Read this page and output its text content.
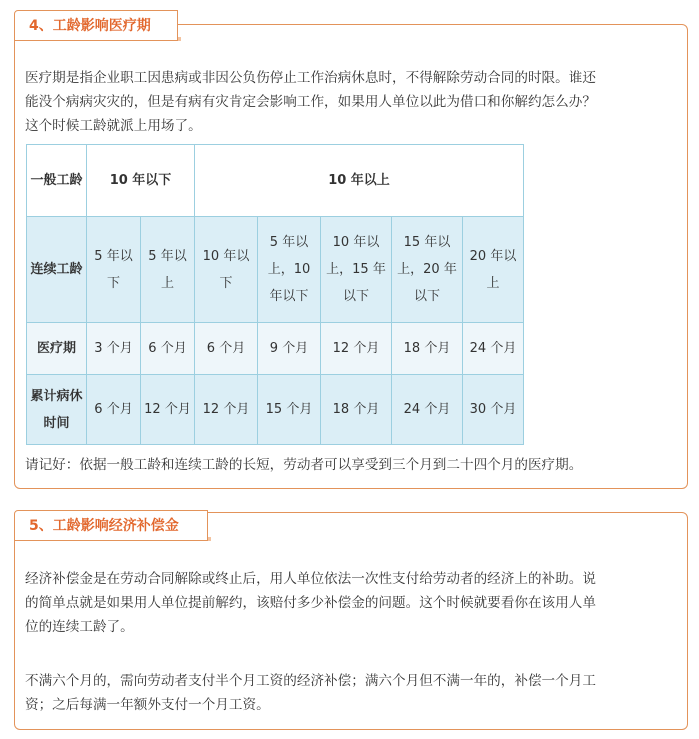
4、工龄影响医疗期
医疗期是指企业职工因患病或非因公负伤停止工作治病休息时，不得解除劳动合同的时限。谁还
能没个病病灾灾的，但是有病有灾肯定会影响工作，如果用人单位以此为借口和你解约怎么办？
这个时候工龄就派上用场了。
一般工龄	10 年以下		10 年以上				
连续工龄	5 年以下	5 年以上	10 年以下	5 年以上，10 年以下	10 年以上，15 年以下	15 年以上，20 年以下	20 年以上
医疗期	3 个月	6 个月	6 个月	9 个月	12 个月	18 个月	24 个月
累计病休时间	6 个月	12 个月	12 个月	15 个月	18 个月	24 个月	30 个月
请记好：依据一般工龄和连续工龄的长短，劳动者可以享受到三个月到二十四个月的医疗期。
5、工龄影响经济补偿金
经济补偿金是在劳动合同解除或终止后，用人单位依法一次性支付给劳动者的经济上的补助。说
的简单点就是如果用人单位提前解约，该赔付多少补偿金的问题。这个时候就要看你在该用人单
位的连续工龄了。
不满六个月的，需向劳动者支付半个月工资的经济补偿；满六个月但不满一年的，补偿一个月工
资；之后每满一年额外支付一个月工资。
